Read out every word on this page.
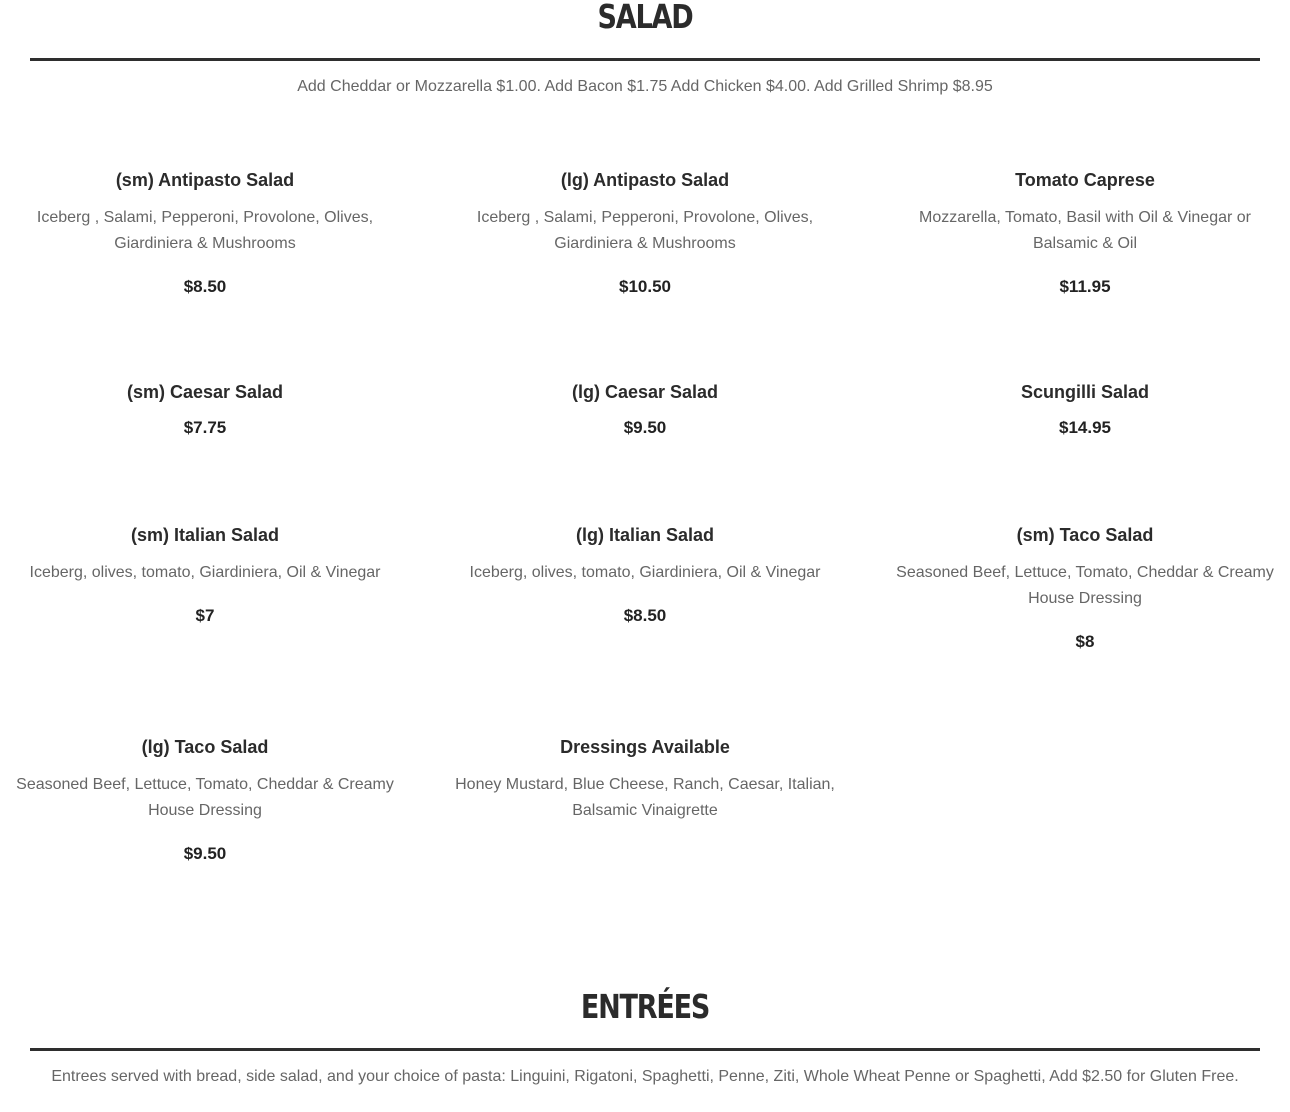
SALAD
Add Cheddar or Mozzarella $1.00. Add Bacon $1.75 Add Chicken $4.00. Add Grilled Shrimp $8.95
(sm) Antipasto Salad
Iceberg , Salami, Pepperoni, Provolone, Olives, Giardiniera & Mushrooms
$8.50
(lg) Antipasto Salad
Iceberg , Salami, Pepperoni, Provolone, Olives, Giardiniera & Mushrooms
$10.50
Tomato Caprese
Mozzarella, Tomato, Basil with Oil & Vinegar or Balsamic & Oil
$11.95
(sm) Caesar Salad
$7.75
(lg) Caesar Salad
$9.50
Scungilli Salad
$14.95
(sm) Italian Salad
Iceberg, olives, tomato, Giardiniera, Oil & Vinegar
$7
(lg) Italian Salad
Iceberg, olives, tomato, Giardiniera, Oil & Vinegar
$8.50
(sm) Taco Salad
Seasoned Beef, Lettuce, Tomato, Cheddar & Creamy House Dressing
$8
(lg) Taco Salad
Seasoned Beef, Lettuce, Tomato, Cheddar & Creamy House Dressing
$9.50
Dressings Available
Honey Mustard, Blue Cheese, Ranch, Caesar, Italian, Balsamic Vinaigrette
ENTRÉES
Entrees served with bread, side salad, and your choice of pasta: Linguini, Rigatoni, Spaghetti, Penne, Ziti, Whole Wheat Penne or Spaghetti, Add $2.50 for Gluten Free.
